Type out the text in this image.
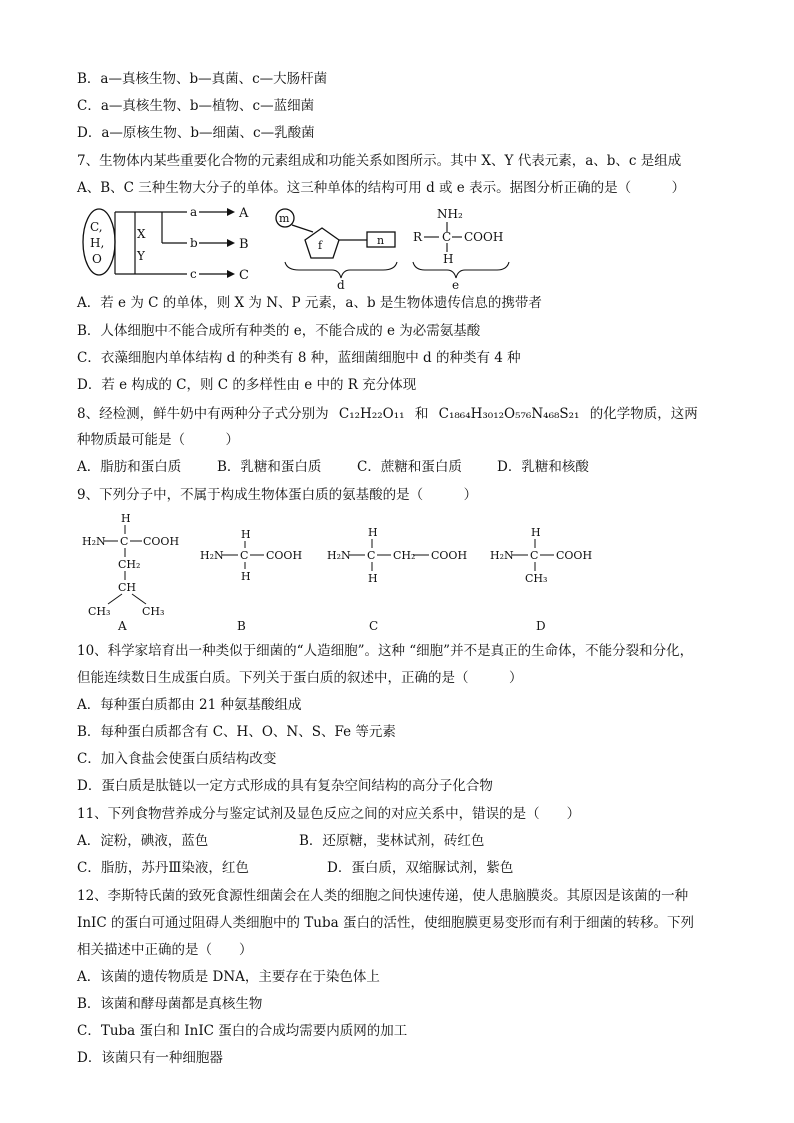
B．a—真核生物、b—真菌、c—大肠杆菌
C．a—真核生物、b—植物、c—蓝细菌
D．a—原核生物、b—细菌、c—乳酸菌
7、生物体内某些重要化合物的元素组成和功能关系如图所示。其中 X、Y 代表元素，a、b、c 是组成
A、B、C 三种生物大分子的单体。这三种单体的结构可用 d 或 e 表示。据图分析正确的是（　　　）
C,
H,
O
X
Y
a
b
c
A
B
C
m
f	n
d
NH₂
R C COOH
H
e
A．若 e 为 C 的单体，则 X 为 N、P 元素，a、b 是生物体遗传信息的携带者
B．人体细胞中不能合成所有种类的 e，不能合成的 e 为必需氨基酸
C．衣藻细胞内单体结构 d 的种类有 8 种，蓝细菌细胞中 d 的种类有 4 种
D．若 e 构成的 C，则 C 的多样性由 e 中的 R 充分体现
8、经检测，鲜牛奶中有两种分子式分别为 C₁₂H₂₂O₁₁ 和 C₁₈₆₄H₃₀₁₂O₅₇₆N₄₆₈S₂₁ 的化学物质，这两
种物质最可能是（　　　）
A．脂肪和蛋白质	B．乳糖和蛋白质	C．蔗糖和蛋白质	D．乳糖和核酸
9、下列分子中，不属于构成生物体蛋白质的氨基酸的是（　　　）
H
H₂N C COOH
CH₂
CH
CH₃	CH₃
H
H₂N C COOH
H
H
H₂N C CH₂ COOH
H
H
H₂N C COOH
CH₃
A	B	C	D
10、科学家培育出一种类似于细菌的“人造细胞”。这种 “细胞”并不是真正的生命体，不能分裂和分化，
但能连续数日生成蛋白质。下列关于蛋白质的叙述中，正确的是（　　　）
A．每种蛋白质都由 21 种氨基酸组成
B．每种蛋白质都含有 C、H、O、N、S、Fe 等元素
C．加入食盐会使蛋白质结构改变
D．蛋白质是肽链以一定方式形成的具有复杂空间结构的高分子化合物
11、下列食物营养成分与鉴定试剂及显色反应之间的对应关系中，错误的是（　　）
A．淀粉，碘液，蓝色	B．还原糖，斐林试剂，砖红色
C．脂肪，苏丹Ⅲ染液，红色	D．蛋白质，双缩脲试剂，紫色
12、李斯特氏菌的致死食源性细菌会在人类的细胞之间快速传递，使人患脑膜炎。其原因是该菌的一种
InIC 的蛋白可通过阻碍人类细胞中的 Tuba 蛋白的活性，使细胞膜更易变形而有利于细菌的转移。下列
相关描述中正确的是（　　）
A．该菌的遗传物质是 DNA，主要存在于染色体上
B．该菌和酵母菌都是真核生物
C．Tuba 蛋白和 InIC 蛋白的合成均需要内质网的加工
D．该菌只有一种细胞器
